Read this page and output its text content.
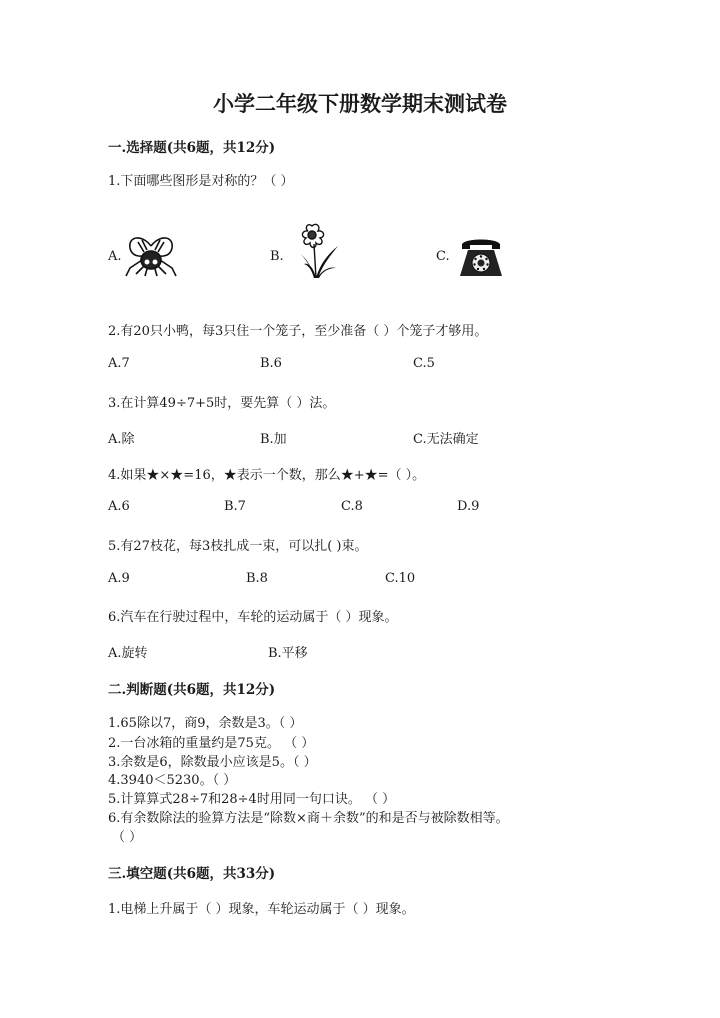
小学二年级下册数学期末测试卷
一.选择题(共6题，共12分)
1.下面哪些图形是对称的？（ ）
A.	B.	C.
2.有20只小鸭，每3只住一个笼子，至少准备（ ）个笼子才够用。
A.7	B.6	C.5
3.在计算49÷7+5时，要先算（ ）法。
A.除	B.加	C.无法确定
4.如果★×★=16，★表示一个数，那么★+★=（ ）。
A.6	B.7	C.8	D.9
5.有27枝花，每3枝扎成一束，可以扎( )束。
A.9	B.8	C.10
6.汽车在行驶过程中，车轮的运动属于（ ）现象。
A.旋转	B.平移
二.判断题(共6题，共12分)
1.65除以7，商9，余数是3。（ ）
2.一台冰箱的重量约是75克。 （ ）
3.余数是6，除数最小应该是5。（ ）
4.3940＜5230。（ ）
5.计算算式28÷7和28÷4时用同一句口诀。 （ ）
6.有余数除法的验算方法是“除数×商＋余数”的和是否与被除数相等。
（ ）
三.填空题(共6题，共33分)
1.电梯上升属于（ ）现象，车轮运动属于（ ）现象。
